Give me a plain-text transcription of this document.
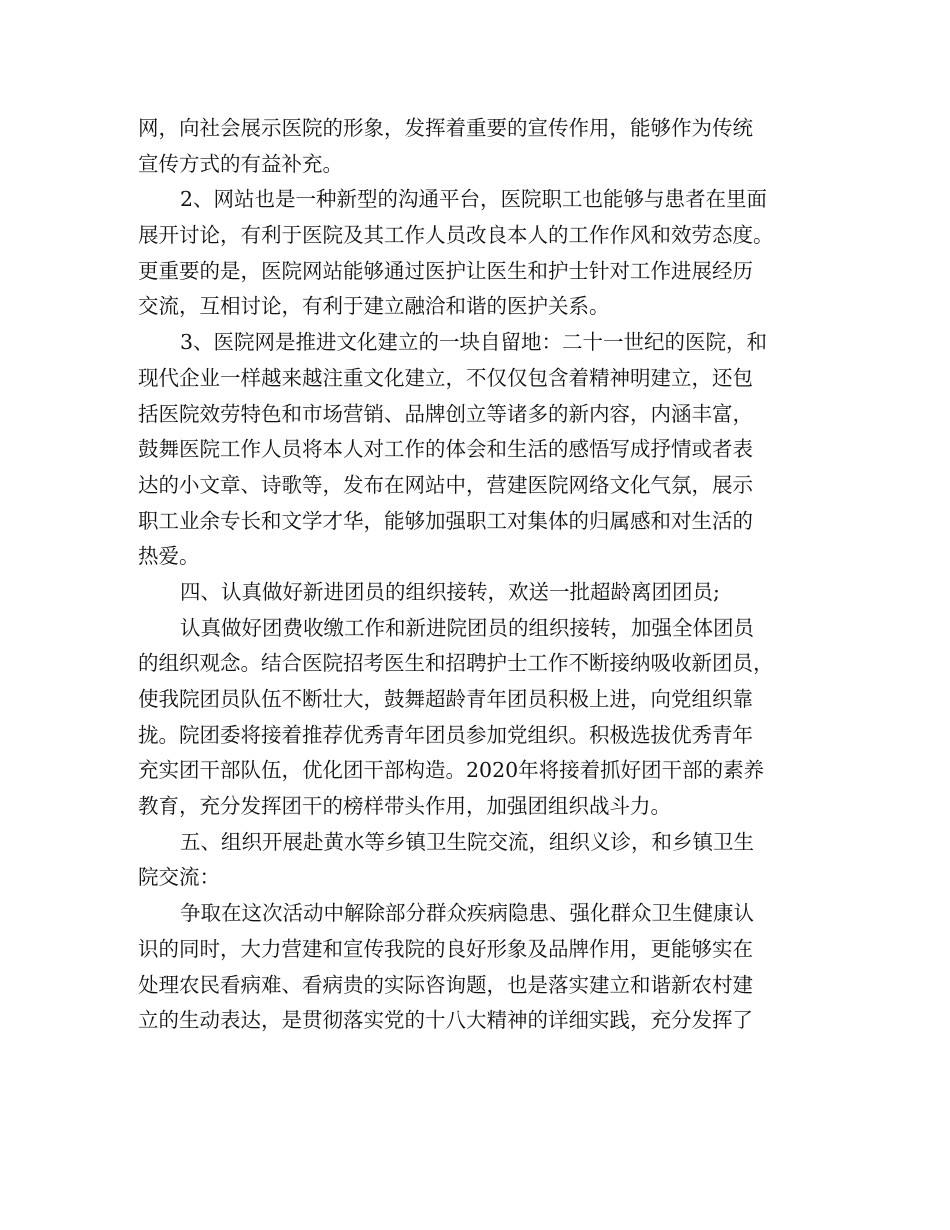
网，向社会展示医院的形象，发挥着重要的宣传作用，能够作为传统
宣传方式的有益补充。
2、网站也是一种新型的沟通平台，医院职工也能够与患者在里面
展开讨论，有利于医院及其工作人员改良本人的工作作风和效劳态度。
更重要的是，医院网站能够通过医护让医生和护士针对工作进展经历
交流，互相讨论，有利于建立融洽和谐的医护关系。
3、医院网是推进文化建立的一块自留地：二十一世纪的医院，和
现代企业一样越来越注重文化建立，不仅仅包含着精神明建立，还包
括医院效劳特色和市场营销、品牌创立等诸多的新内容，内涵丰富，
鼓舞医院工作人员将本人对工作的体会和生活的感悟写成抒情或者表
达的小文章、诗歌等，发布在网站中，营建医院网络文化气氛，展示
职工业余专长和文学才华，能够加强职工对集体的归属感和对生活的
热爱。
四、认真做好新进团员的组织接转，欢送一批超龄离团团员;
认真做好团费收缴工作和新进院团员的组织接转，加强全体团员
的组织观念。结合医院招考医生和招聘护士工作不断接纳吸收新团员，
使我院团员队伍不断壮大，鼓舞超龄青年团员积极上进，向党组织靠
拢。院团委将接着推荐优秀青年团员参加党组织。积极选拔优秀青年
充实团干部队伍，优化团干部构造。2020年将接着抓好团干部的素养
教育，充分发挥团干的榜样带头作用，加强团组织战斗力。
五、组织开展赴黄水等乡镇卫生院交流，组织义诊，和乡镇卫生
院交流：
争取在这次活动中解除部分群众疾病隐患、强化群众卫生健康认
识的同时，大力营建和宣传我院的良好形象及品牌作用，更能够实在
处理农民看病难、看病贵的实际咨询题，也是落实建立和谐新农村建
立的生动表达，是贯彻落实党的十八大精神的详细实践，充分发挥了
